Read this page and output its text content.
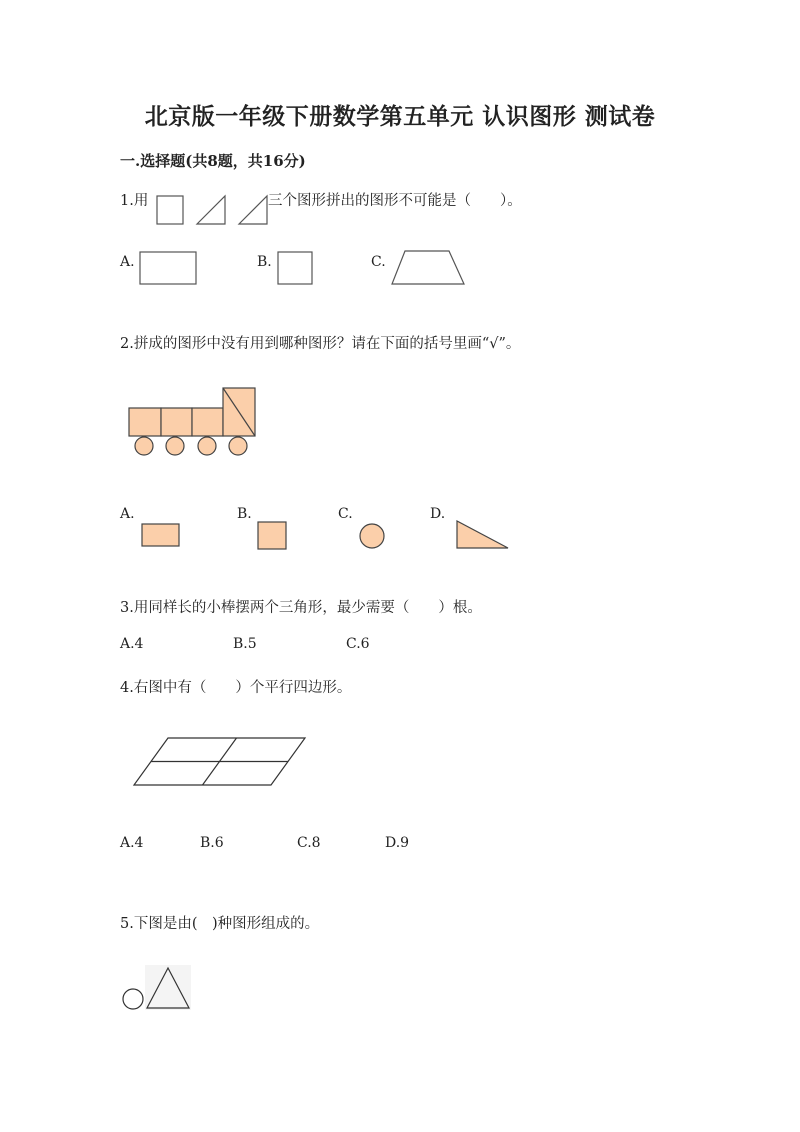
北京版一年级下册数学第五单元 认识图形 测试卷
一.选择题(共8题，共16分)
1.用	三个图形拼出的图形不可能是（　　）。
A.	B.	C.
2.拼成的图形中没有用到哪种图形？请在下面的括号里画“√”。
A.	B.	C.	D.
3.用同样长的小棒摆两个三角形，最少需要（　　）根。
A.4	B.5	C.6
4.右图中有（　　）个平行四边形。
A.4	B.6	C.8	D.9
5.下图是由(　)种图形组成的。
